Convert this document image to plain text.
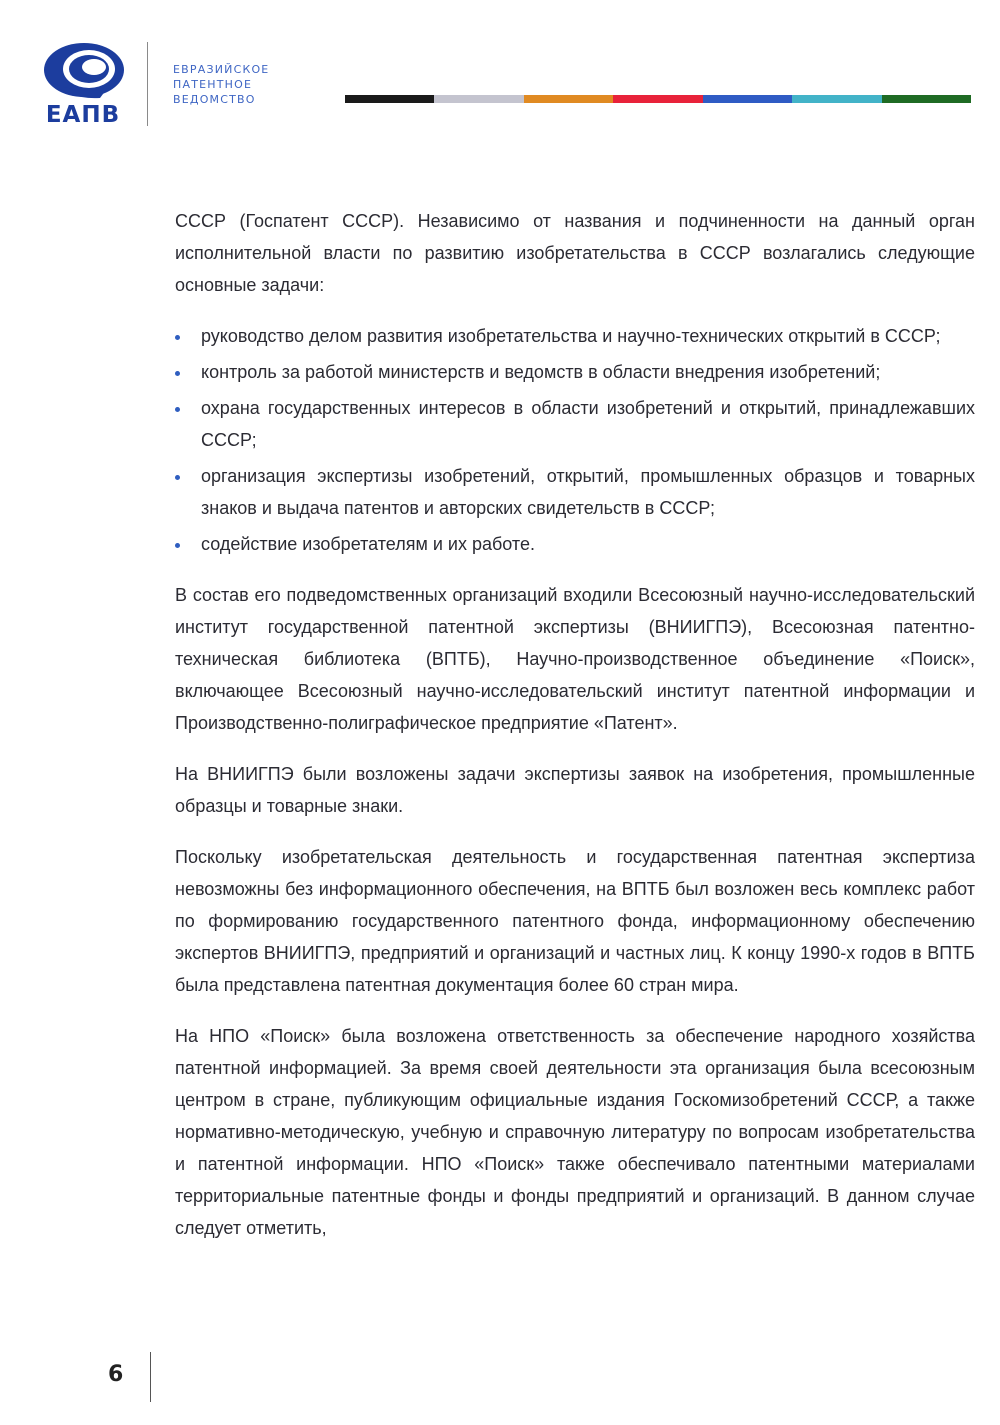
ЕАПВ
ЕВРАЗИЙСКОЕ
ПАТЕНТНОЕ
ВЕДОМСТВО

СССР (Госпатент СССР). Независимо от названия и подчиненности на данный орган исполнительной власти по развитию изобретательства в СССР возлагались следующие основные задачи:

руководство делом развития изобретательства и научно-технических открытий в СССР;
контроль за работой министерств и ведомств в области внедрения изобретений;
охрана государственных интересов в области изобретений и открытий, принадлежавших СССР;
организация экспертизы изобретений, открытий, промышленных образцов и товарных знаков и выдача патентов и авторских свидетельств в СССР;
содействие изобретателям и их работе.

В состав его подведомственных организаций входили Всесоюзный научно-исследовательский институт государственной патентной экспертизы (ВНИИГПЭ), Всесоюзная патентно-техническая библиотека (ВПТБ), Научно-производственное объединение «Поиск», включающее Всесоюзный научно-исследовательский институт патентной информации и Производственно-полиграфическое предприятие «Патент».

На ВНИИГПЭ были возложены задачи экспертизы заявок на изобретения, промышленные образцы и товарные знаки.

Поскольку изобретательская деятельность и государственная патентная экспертиза невозможны без информационного обеспечения, на ВПТБ был возложен весь комплекс работ по формированию государственного патентного фонда, информационному обеспечению экспертов ВНИИГПЭ, предприятий и организаций и частных лиц. К концу 1990-х годов в ВПТБ была представлена патентная документация более 60 стран мира.

На НПО «Поиск» была возложена ответственность за обеспечение народного хозяйства патентной информацией. За время своей деятельности эта организация была всесоюзным центром в стране, публикующим официальные издания Госкомизобретений СССР, а также нормативно-методическую, учебную и справочную литературу по вопросам изобретательства и патентной информации. НПО «Поиск» также обеспечивало патентными материалами территориальные патентные фонды и фонды предприятий и организаций. В данном случае следует отметить,

6
